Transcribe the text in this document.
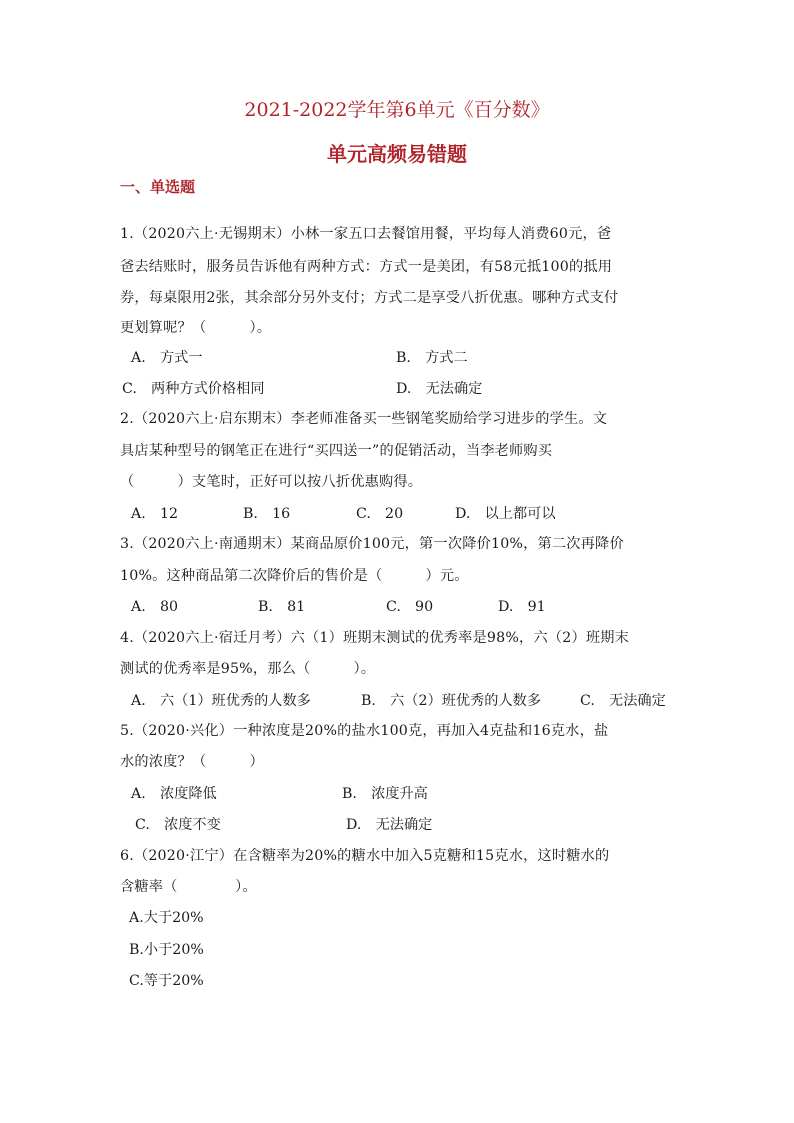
2021-2022学年第6单元《百分数》
单元高频易错题
一、单选题
1.（2020六上·无锡期末）小林一家五口去餐馆用餐，平均每人消费60元，爸
爸去结账时，服务员告诉他有两种方式：方式一是美团，有58元抵100的抵用
券，每桌限用2张，其余部分另外支付；方式二是享受八折优惠。哪种方式支付
更划算呢？（　　　）。
A.　方式一	B.　方式二
C.　两种方式价格相同	D.　无法确定
2.（2020六上·启东期末）李老师准备买一些钢笔奖励给学习进步的学生。文
具店某种型号的钢笔正在进行“买四送一”的促销活动，当李老师购买
（　　　）支笔时，正好可以按八折优惠购得。
A.　12	B.　16	C.　20	D.　以上都可以
3.（2020六上·南通期末）某商品原价100元，第一次降价10%，第二次再降价
10%。这种商品第二次降价后的售价是（　　　）元。
A.　80	B.　81	C.　90	D.　91
4.（2020六上·宿迁月考）六（1）班期末测试的优秀率是98%，六（2）班期末
测试的优秀率是95%，那么（　　　）。
A.　六（1）班优秀的人数多	B.　六（2）班优秀的人数多	C.　无法确定
5.（2020·兴化）一种浓度是20%的盐水100克，再加入4克盐和16克水，盐
水的浓度？（　　　）
A.　浓度降低	B.　浓度升高
C.　浓度不变	D.　无法确定
6.（2020·江宁）在含糖率为20%的糖水中加入5克糖和15克水，这时糖水的
含糖率（　　　　）。
A.大于20%
B.小于20%
C.等于20%
